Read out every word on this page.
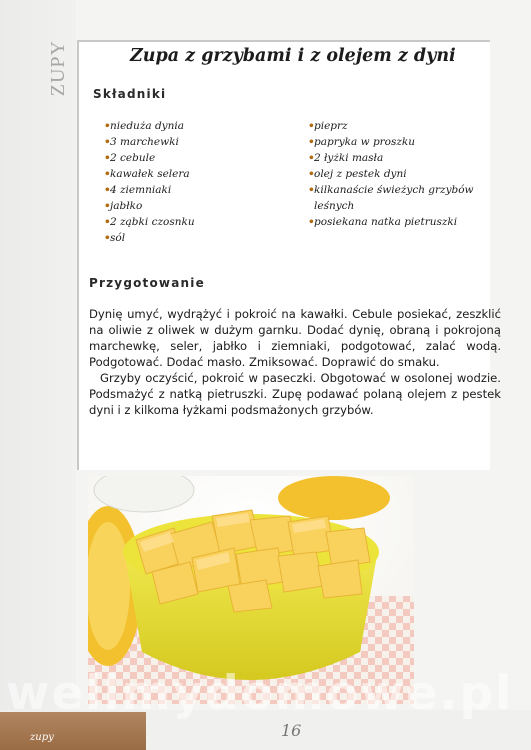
ZUPY	Zupa z grzybami i z olejem z dyni
Składniki
• nieduża dynia
• 3 marchewki
• 2 cebule
• kawałek selera
• 4 ziemniaki
• jabłko
• 2 ząbki czosnku
• sól
• pieprz
• papryka w proszku
• 2 łyżki masła
• olej z pestek dyni
• kilkanaście świeżych grzybów leśnych
• posiekana natka pietruszki
Przygotowanie

Dynię umyć, wydrążyć i pokroić na kawałki. Cebule posiekać, zeszklić na oliwie z oliwek w dużym garnku. Dodać dynię, obraną i pokrojoną marchewkę, seler, jabłko i ziemniaki, podgotować, zalać wodą. Podgotować. Dodać masło. Zmiksować. Doprawić do smaku.

Grzyby oczyścić, pokroić w paseczki. Obgotować w osolonej wodzie. Podsmażyć z natką pietruszki. Zupę podawać polaną olejem z pestek dyni i z kilkoma łyżkami podsmażonych grzybów.

zupy	16
wellmydomowe.pl
